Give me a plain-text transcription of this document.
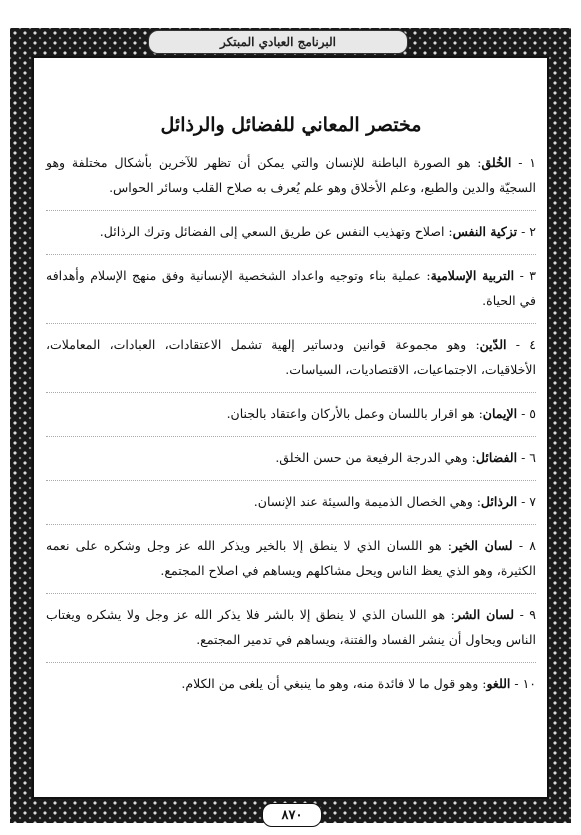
البرنامج العبادي المبتكر
مختصر المعاني للفضائل والرذائل

١ - الخُلق: هو الصورة الباطنة للإنسان والتي يمكن أن تظهر للآخرين بأشكال مختلفة وهو السجيّة والدين والطبع، وعلم الأخلاق وهو علم يُعرف به صلاح القلب وسائر الحواس.

٢ - تزكية النفس: اصلاح وتهذيب النفس عن طريق السعي إلى الفضائل وترك الرذائل.

٣ - التربية الإسلامية: عملية بناء وتوجيه واعداد الشخصية الإنسانية وفق منهج الإسلام وأهدافه في الحياة.

٤ - الدّين: وهو مجموعة قوانين ودساتير إلهية تشمل الاعتقادات، العبادات، المعاملات، الأخلاقيات، الاجتماعيات، الاقتصاديات، السياسات.

٥ - الإيمان: هو اقرار باللسان وعمل بالأركان واعتقاد بالجنان.

٦ - الفضائل: وهي الدرجة الرفيعة من حسن الخلق.

٧ - الرذائل: وهي الخصال الذميمة والسيئة عند الإنسان.

٨ - لسان الخير: هو اللسان الذي لا ينطق إلا بالخير ويذكر الله عز وجل وشكره على نعمه الكثيرة، وهو الذي يعظ الناس ويحل مشاكلهم ويساهم في اصلاح المجتمع.

٩ - لسان الشر: هو اللسان الذي لا ينطق إلا بالشر فلا يذكر الله عز وجل ولا يشكره ويغتاب الناس ويحاول أن ينشر الفساد والفتنة، ويساهم في تدمير المجتمع.

١٠ - اللغو: وهو قول ما لا فائدة منه، وهو ما ينبغي أن يلغى من الكلام.

٨٧٠
